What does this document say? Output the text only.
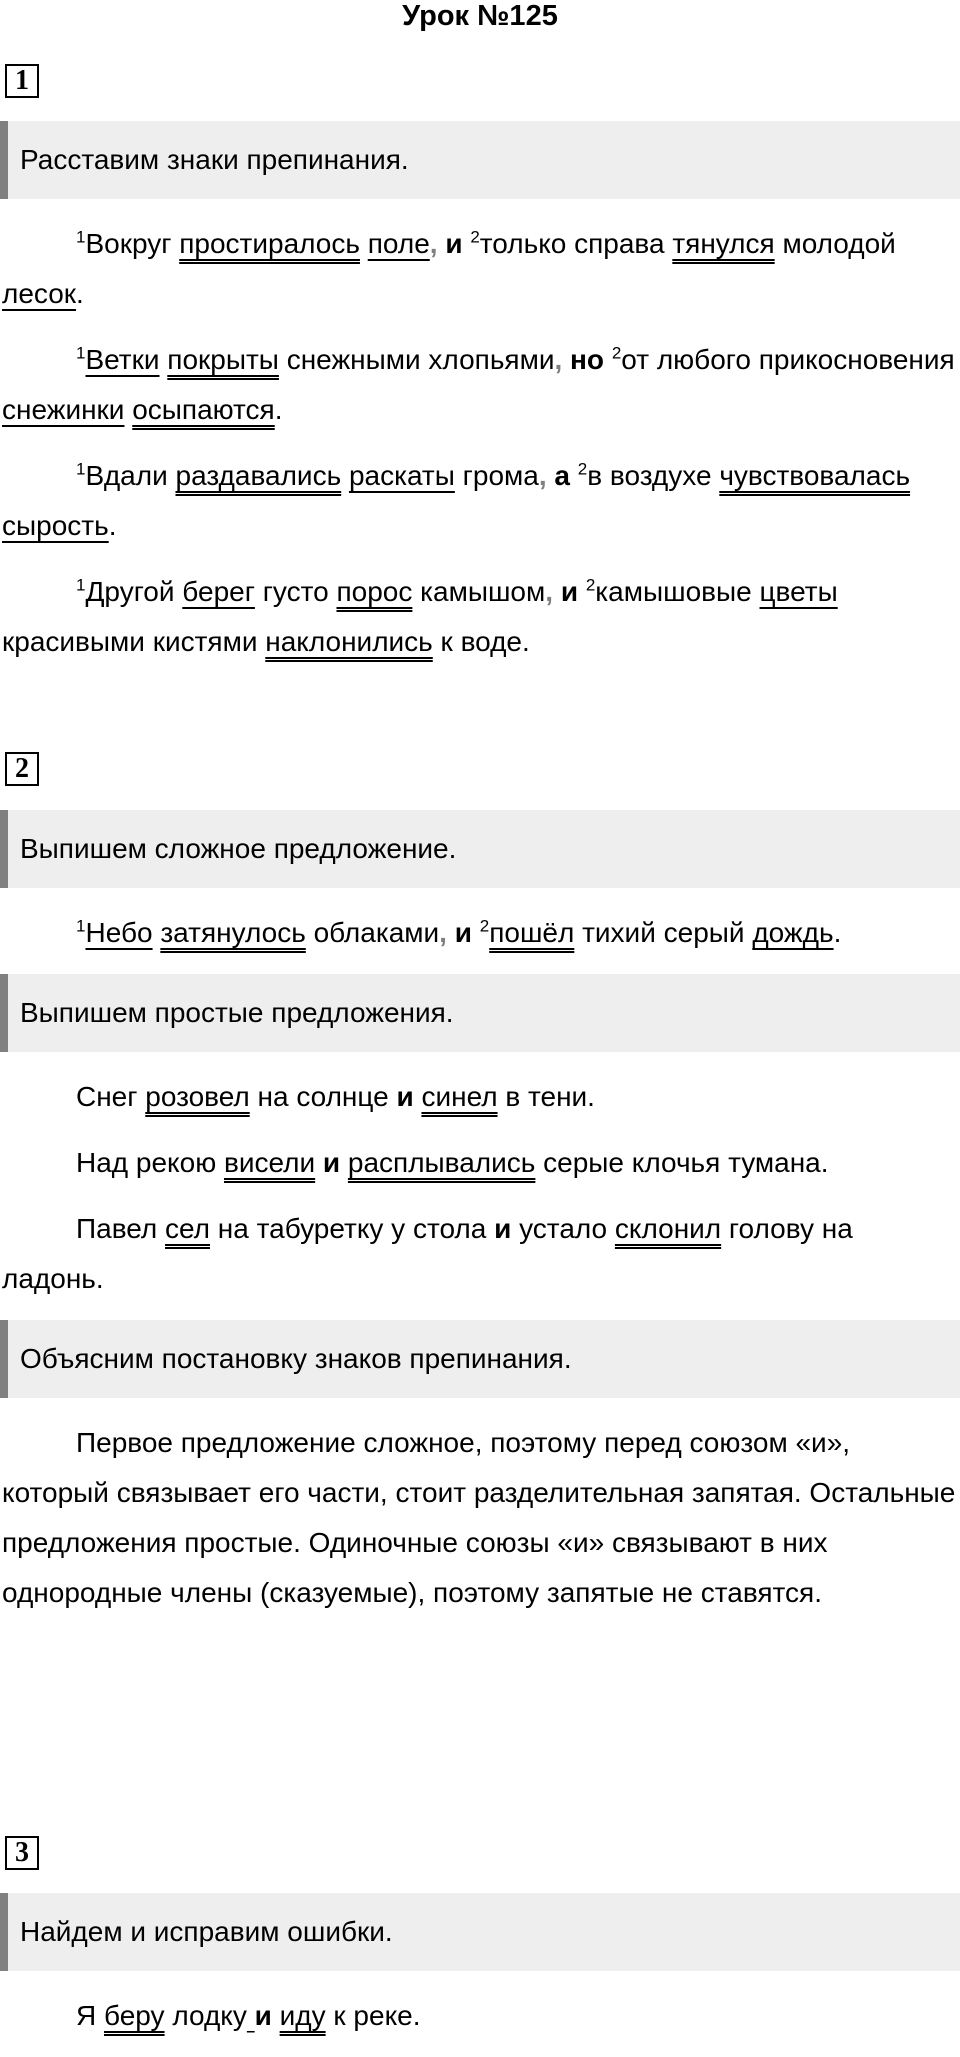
Урок №125
1
Расставим знаки препинания.

$^1$Вокруг простиралось поле, и $^2$только справа тянулся молодой лесок.

$^1$Ветки покрыты снежными хлопьями, но $^2$от любого прикосновения снежинки осыпаются.

$^1$Вдали раздавались раскаты грома, а $^2$в воздухе чувствовалась сырость.

$^1$Другой берег густо порос камышом, и $^2$камышовые цветы красивыми кистями наклонились к воде.

2
Выпишем сложное предложение.

$^1$Небо затянулось облаками, и $^2$пошёл тихий серый дождь.

Выпишем простые предложения.

Снег розовел на солнце и синел в тени.

Над рекою висели и расплывались серые клочья тумана.

Павел сел на табуретку у стола и устало склонил голову на ладонь.

Объясним постановку знаков препинания.

Первое предложение сложное, поэтому перед союзом «и», который связывает его части, стоит разделительная запятая. Остальные предложения простые. Одиночные союзы «и» связывают в них однородные члены (сказуемые), поэтому запятые не ставятся.

3
Найдем и исправим ошибки.

Я беру лодку и иду к реке.
